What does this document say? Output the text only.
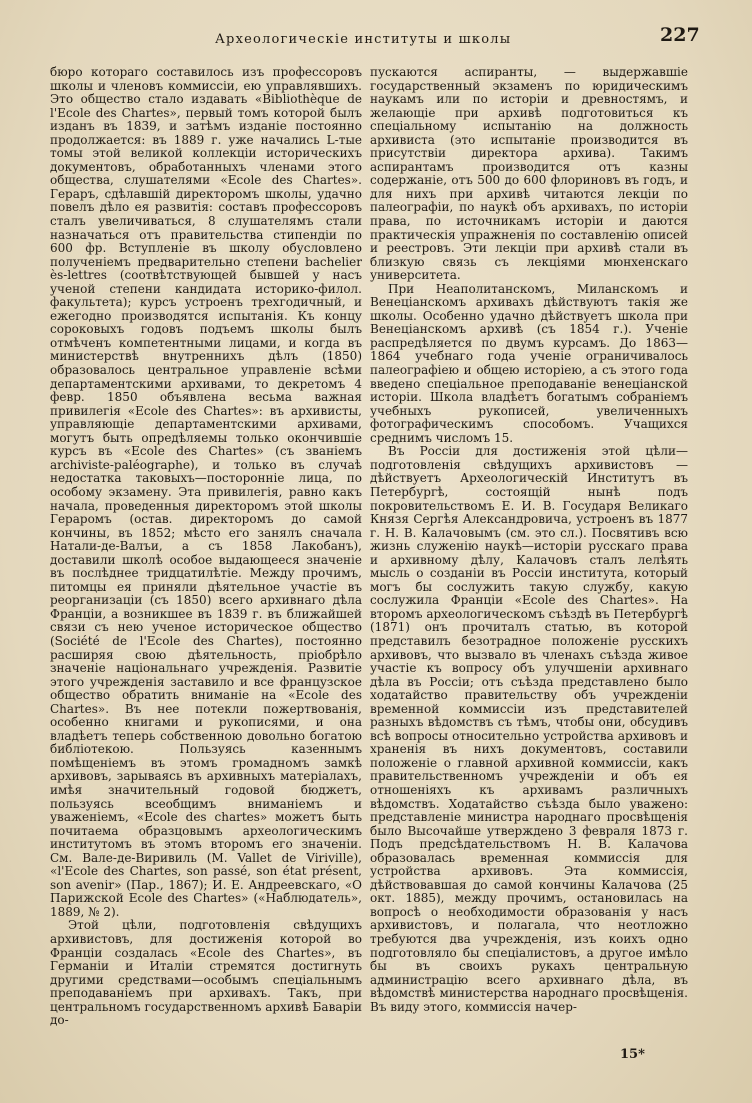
Археологическіе институты и школы	227

бюро котораго составилось изъ профессоровъ школы и членовъ коммиссіи, ею управлявшихъ. Это общество стало издавать «Bibliothèque de l'Ecole des Chartes», первый томъ которой былъ изданъ въ 1839, и затѣмъ изданіе постоянно продолжается: въ 1889 г. уже начались L-тые томы этой великой коллекціи историческихъ документовъ, обработанныхъ членами этого общества, слушателями «Ecole des Chartes». Гераръ, сдѣлавшій директоромъ школы, удачно повелъ дѣло ея развитія: составъ профессоровъ сталъ увеличиваться, 8 слушателямъ стали назначаться отъ правительства стипендіи по 600 фр. Вступленіе въ школу обусловлено полученіемъ предварительно степени bachelier ès-lettres (соотвѣтствующей бывшей у насъ ученой степени кандидата историко-филол. факультета); курсъ устроенъ трехгодичный, и ежегодно производятся испытанія. Къ концу сороковыхъ годовъ подъемъ школы былъ отмѣченъ компетентными лицами, и когда въ министерствѣ внутреннихъ дѣлъ (1850) образовалось центральное управленіе всѣми департаментскими архивами, то декретомъ 4 февр. 1850 объявлена весьма важная привилегія «Ecole des Chartes»: въ архивисты, управляющіе департаментскими архивами, могутъ быть опредѣляемы только окончившіе курсъ въ «Ecole des Chartes» (съ званіемъ archiviste-paléographe), и только въ случаѣ недостатка таковыхъ—посторонніе лица, по особому экзамену. Эта привилегія, равно какъ начала, проведенныя директоромъ этой школы Гераромъ (остав. директоромъ до самой кончины, въ 1852; мѣсто его занялъ сначала Натали-де-Валъи, а съ 1858 Лакобанъ), доставили школѣ особое выдающееся значеніе въ послѣднее тридцатилѣтіе. Между прочимъ, питомцы ея приняли дѣятельное участіе въ реорганизаціи (съ 1850) всего архивнаго дѣла Франціи, а возникшее въ 1839 г. въ ближайшей связи съ нею ученое историческое общество (Société de l'Ecole des Chartes), постоянно расширяя свою дѣятельность, пріобрѣло значеніе національнаго учрежденія. Развитіе этого учрежденія заставило и все французское общество обратить вниманіе на «Ecole des Chartes». Въ нее потекли пожертвованія, особенно книгами и рукописями, и она владѣетъ теперь собственною довольно богатою библіотекою. Пользуясь казеннымъ помѣщеніемъ въ этомъ громадномъ замкѣ архивовъ, зарываясь въ архивныхъ матеріалахъ, имѣя значительный годовой бюджетъ, пользуясь всеобщимъ вниманіемъ и уваженіемъ, «Ecole des chartes» можетъ быть почитаема образцовымъ археологическимъ институтомъ въ этомъ второмъ его значеніи. См. Вале-де-Виривиль (M. Vallet de Viriville), «l'Ecole des Chartes, son passé, son état présent, son avenir» (Пар., 1867); И. Е. Андреевскаго, «О Парижской Ecole des Chartes» («Наблюдатель», 1889, № 2).

Этой цѣли, подготовленія свѣдущихъ архивистовъ, для достиженія которой во Франціи создалась «Ecole des Chartes», въ Германіи и Италіи стремятся достигнуть другими средствами—особымъ спеціальнымъ преподаваніемъ при архивахъ. Такъ, при центральномъ государственномъ архивѣ Баваріи до-

пускаются аспиранты, — выдержавшіе государственный экзаменъ по юридическимъ наукамъ или по исторіи и древностямъ, и желающіе при архивѣ подготовиться къ спеціальному испытанію на должность архивиста (это испытаніе производится въ присутствіи директора архива). Такимъ аспирантамъ производится отъ казны содержаніе, отъ 500 до 600 флориновъ въ годъ, и для нихъ при архивѣ читаются лекціи по палеографіи, по наукѣ объ архивахъ, по исторіи права, по источникамъ исторіи и даются практическія упражненія по составленію описей и реестровъ. Эти лекціи при архивѣ стали въ близкую связь съ лекціями мюнхенскаго университета.

При Неаполитанскомъ, Миланскомъ и Венеціанскомъ архивахъ дѣйствуютъ такія же школы. Особенно удачно дѣйствуетъ школа при Венеціанскомъ архивѣ (съ 1854 г.). Ученіе распредѣляется по двумъ курсамъ. До 1863—1864 учебнаго года ученіе ограничивалось палеографіею и общею исторіею, а съ этого года введено спеціальное преподаваніе венеціанской исторіи. Школа владѣетъ богатымъ собраніемъ учебныхъ рукописей, увеличенныхъ фотографическимъ способомъ. Учащихся среднимъ числомъ 15.

Въ Россіи для достиженія этой цѣли—подготовленія свѣдущихъ архивистовъ — дѣйствуетъ Археологическій Институтъ въ Петербургѣ, состоящій нынѣ подъ покровительствомъ Е. И. В. Государя Великаго Князя Сергѣя Александровича, устроенъ въ 1877 г. Н. В. Калачовымъ (см. это сл.). Посвятивъ всю жизнь служенію наукѣ—исторіи русскаго права и архивному дѣлу, Калачовъ сталъ лелѣять мысль о созданіи въ Россіи института, который могъ бы сослужить такую службу, какую сослужила Франціи «Ecole des Chartes». На второмъ археологическомъ съѣздѣ въ Петербургѣ (1871) онъ прочиталъ статью, въ которой представилъ безотрадное положеніе русскихъ архивовъ, что вызвало въ членахъ съѣзда живое участіе къ вопросу объ улучшеніи архивнаго дѣла въ Россіи; отъ съѣзда представлено было ходатайство правительству объ учрежденіи временной коммиссіи изъ представителей разныхъ вѣдомствъ съ тѣмъ, чтобы они, обсудивъ всѣ вопросы относительно устройства архивовъ и храненія въ нихъ документовъ, составили положеніе о главной архивной коммиссіи, какъ правительственномъ учрежденіи и объ ея отношеніяхъ къ архивамъ различныхъ вѣдомствъ. Ходатайство съѣзда было уважено: представленіе министра народнаго просвѣщенія было Высочайше утверждено 3 февраля 1873 г. Подъ предсѣдательствомъ Н. В. Калачова образовалась временная коммиссія для устройства архивовъ. Эта коммиссія, дѣйствовавшая до самой кончины Калачова (25 окт. 1885), между прочимъ, остановилась на вопросѣ о необходимости образованія у насъ архивистовъ, и полагала, что неотложно требуются два учрежденія, изъ коихъ одно подготовляло бы спеціалистовъ, а другое имѣло бы въ своихъ рукахъ центральную администрацію всего архивнаго дѣла, въ вѣдомствѣ министерства народнаго просвѣщенія. Въ виду этого, коммиссія начер-

15*
